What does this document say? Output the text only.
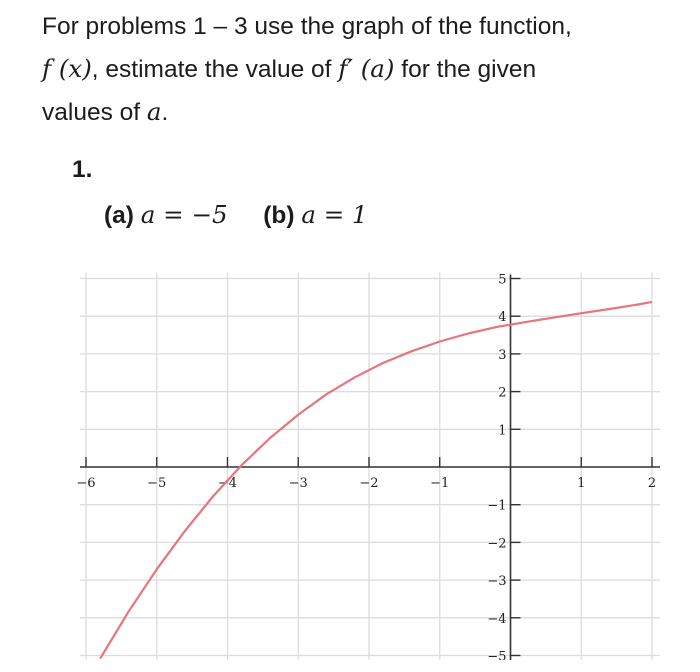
For problems 1 – 3 use the graph of the function,
f (x), estimate the value of f′ (a) for the given
values of a.
1.
(a) a = −5 (b) a = 1
−6	−5	−4	−3	−2	−1	1	2
5
4
3
2
1
−1
−2
−3
−4
−5
